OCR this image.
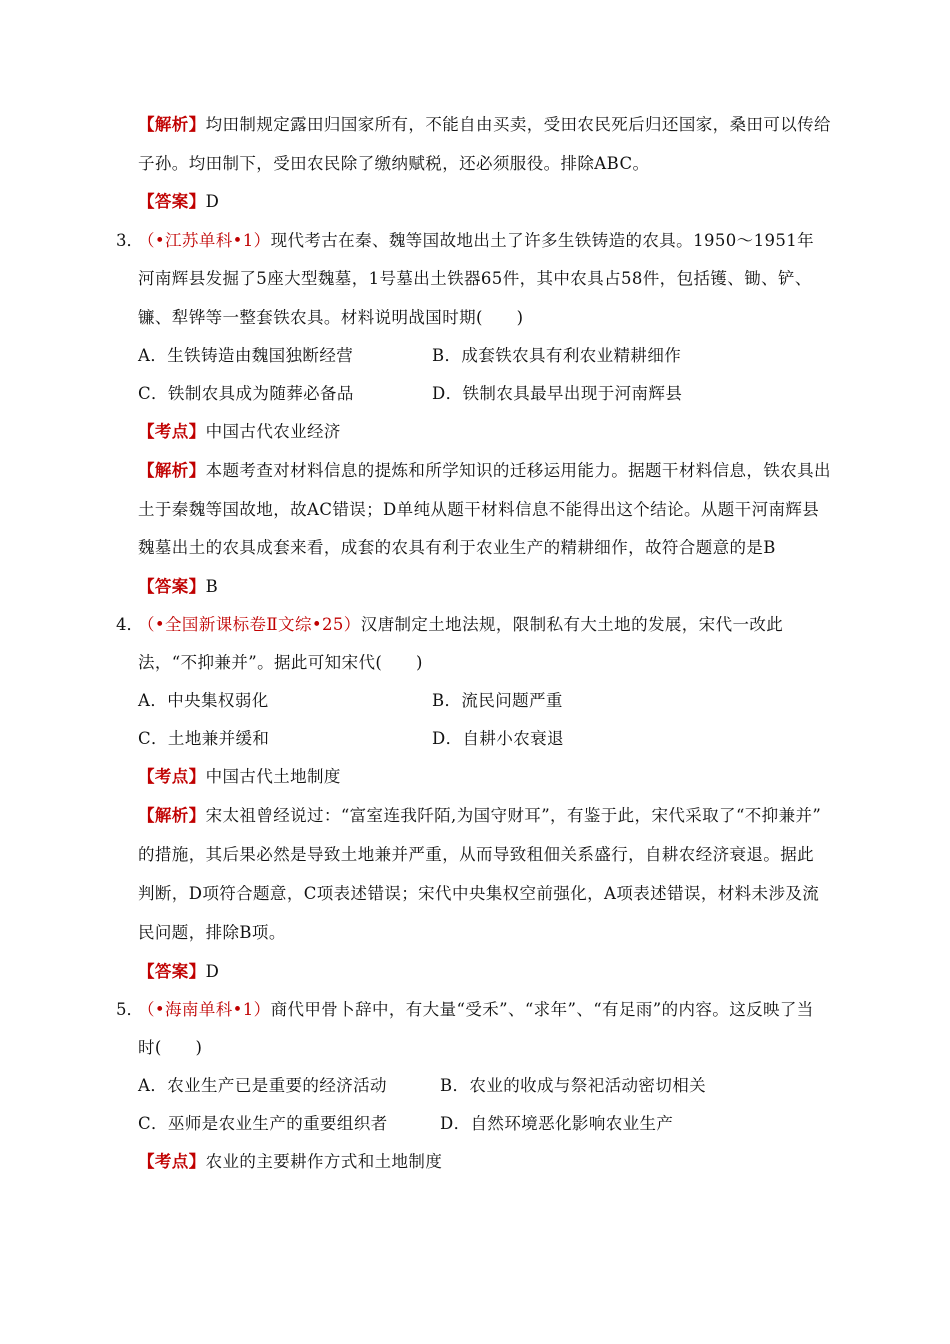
【解析】均田制规定露田归国家所有，不能自由买卖，受田农民死后归还国家，桑田可以传给
子孙。均田制下，受田农民除了缴纳赋税，还必须服役。排除ABC。
【答案】D
3．
（•江苏单科•1）现代考古在秦、魏等国故地出土了许多生铁铸造的农具。1950～1951年
河南辉县发掘了5座大型魏墓，1号墓出土铁器65件，其中农具占58件，包括镬、锄、铲、
镰、犁铧等一整套铁农具。材料说明战国时期(　　)
A．生铁铸造由魏国独断经营	B．成套铁农具有利农业精耕细作
C．铁制农具成为随葬必备品	D．铁制农具最早出现于河南辉县
【考点】中国古代农业经济
【解析】本题考查对材料信息的提炼和所学知识的迁移运用能力。据题干材料信息，铁农具出
土于秦魏等国故地，故AC错误；D单纯从题干材料信息不能得出这个结论。从题干河南辉县
魏墓出土的农具成套来看，成套的农具有利于农业生产的精耕细作，故符合题意的是B
【答案】B
4．
（•全国新课标卷Ⅱ文综•25）汉唐制定土地法规，限制私有大土地的发展，宋代一改此
法，“不抑兼并”。据此可知宋代(　　)
A．中央集权弱化	B．流民问题严重
C．土地兼并缓和	D．自耕小农衰退
【考点】中国古代土地制度
【解析】宋太祖曾经说过：“富室连我阡陌,为国守财耳”，有鉴于此，宋代采取了“不抑兼并”
的措施，其后果必然是导致土地兼并严重，从而导致租佃关系盛行，自耕农经济衰退。据此
判断，D项符合题意，C项表述错误；宋代中央集权空前强化，A项表述错误，材料未涉及流
民问题，排除B项。
【答案】D
5．
（•海南单科•1）商代甲骨卜辞中，有大量“受禾”、“求年”、“有足雨”的内容。这反映了当
时(　　)
A．农业生产已是重要的经济活动	B．农业的收成与祭祀活动密切相关
C．巫师是农业生产的重要组织者	D．自然环境恶化影响农业生产
【考点】农业的主要耕作方式和土地制度
